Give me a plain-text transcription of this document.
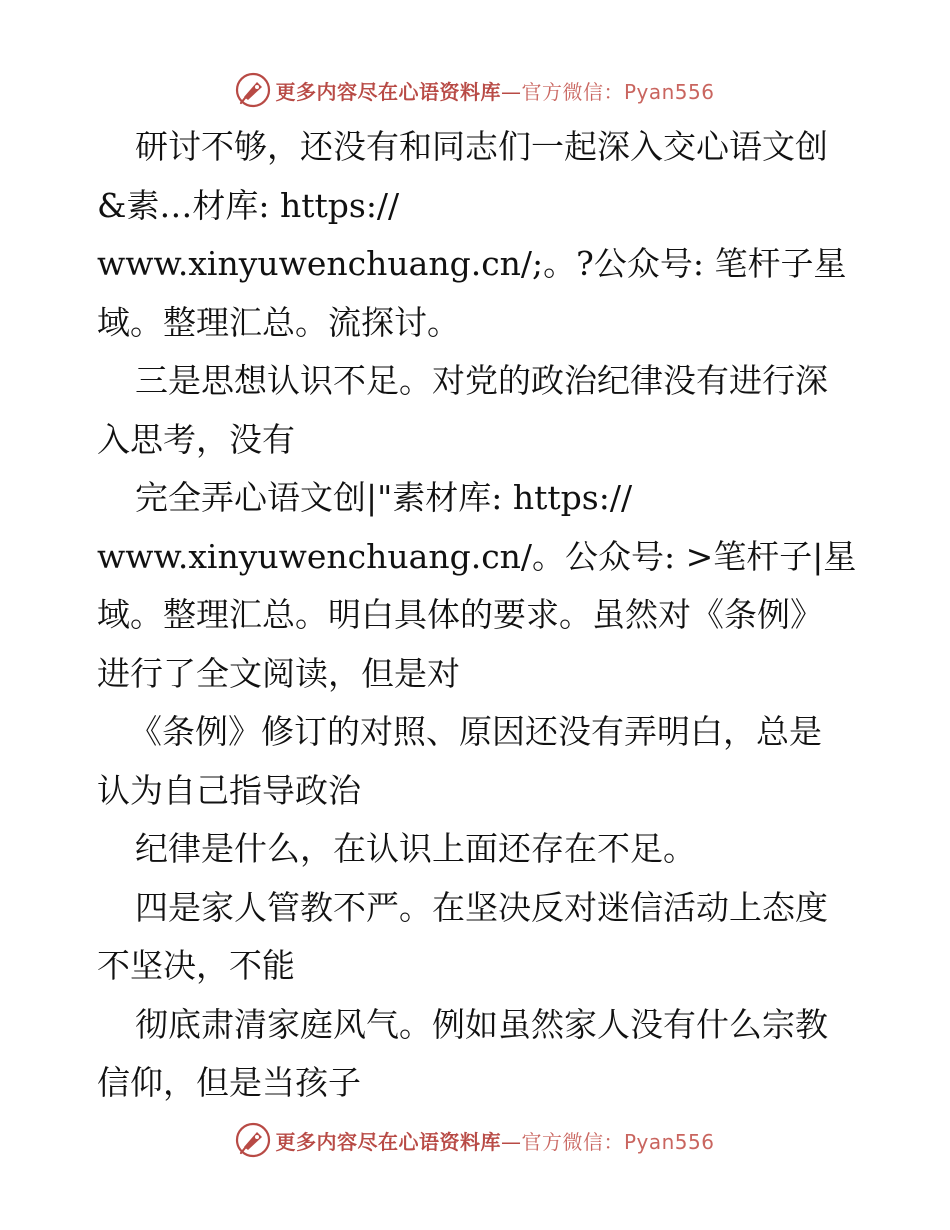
更多内容尽在心语资料库—官方微信：Pyan556
研讨不够，还没有和同志们一起深入交心语文创
&素…材库: https://
www.xinyuwenchuang.cn/;。?公众号: 笔杆子星
域。整理汇总。流探讨。
三是思想认识不足。对党的政治纪律没有进行深
入思考，没有
完全弄心语文创|"素材库: https://
www.xinyuwenchuang.cn/。公众号: >笔杆子|星
域。整理汇总。明白具体的要求。虽然对《条例》
进行了全文阅读，但是对
《条例》修订的对照、原因还没有弄明白，总是
认为自己指导政治
纪律是什么，在认识上面还存在不足。
四是家人管教不严。在坚决反对迷信活动上态度
不坚决，不能
彻底肃清家庭风气。例如虽然家人没有什么宗教
信仰，但是当孩子
更多内容尽在心语资料库—官方微信：Pyan556
